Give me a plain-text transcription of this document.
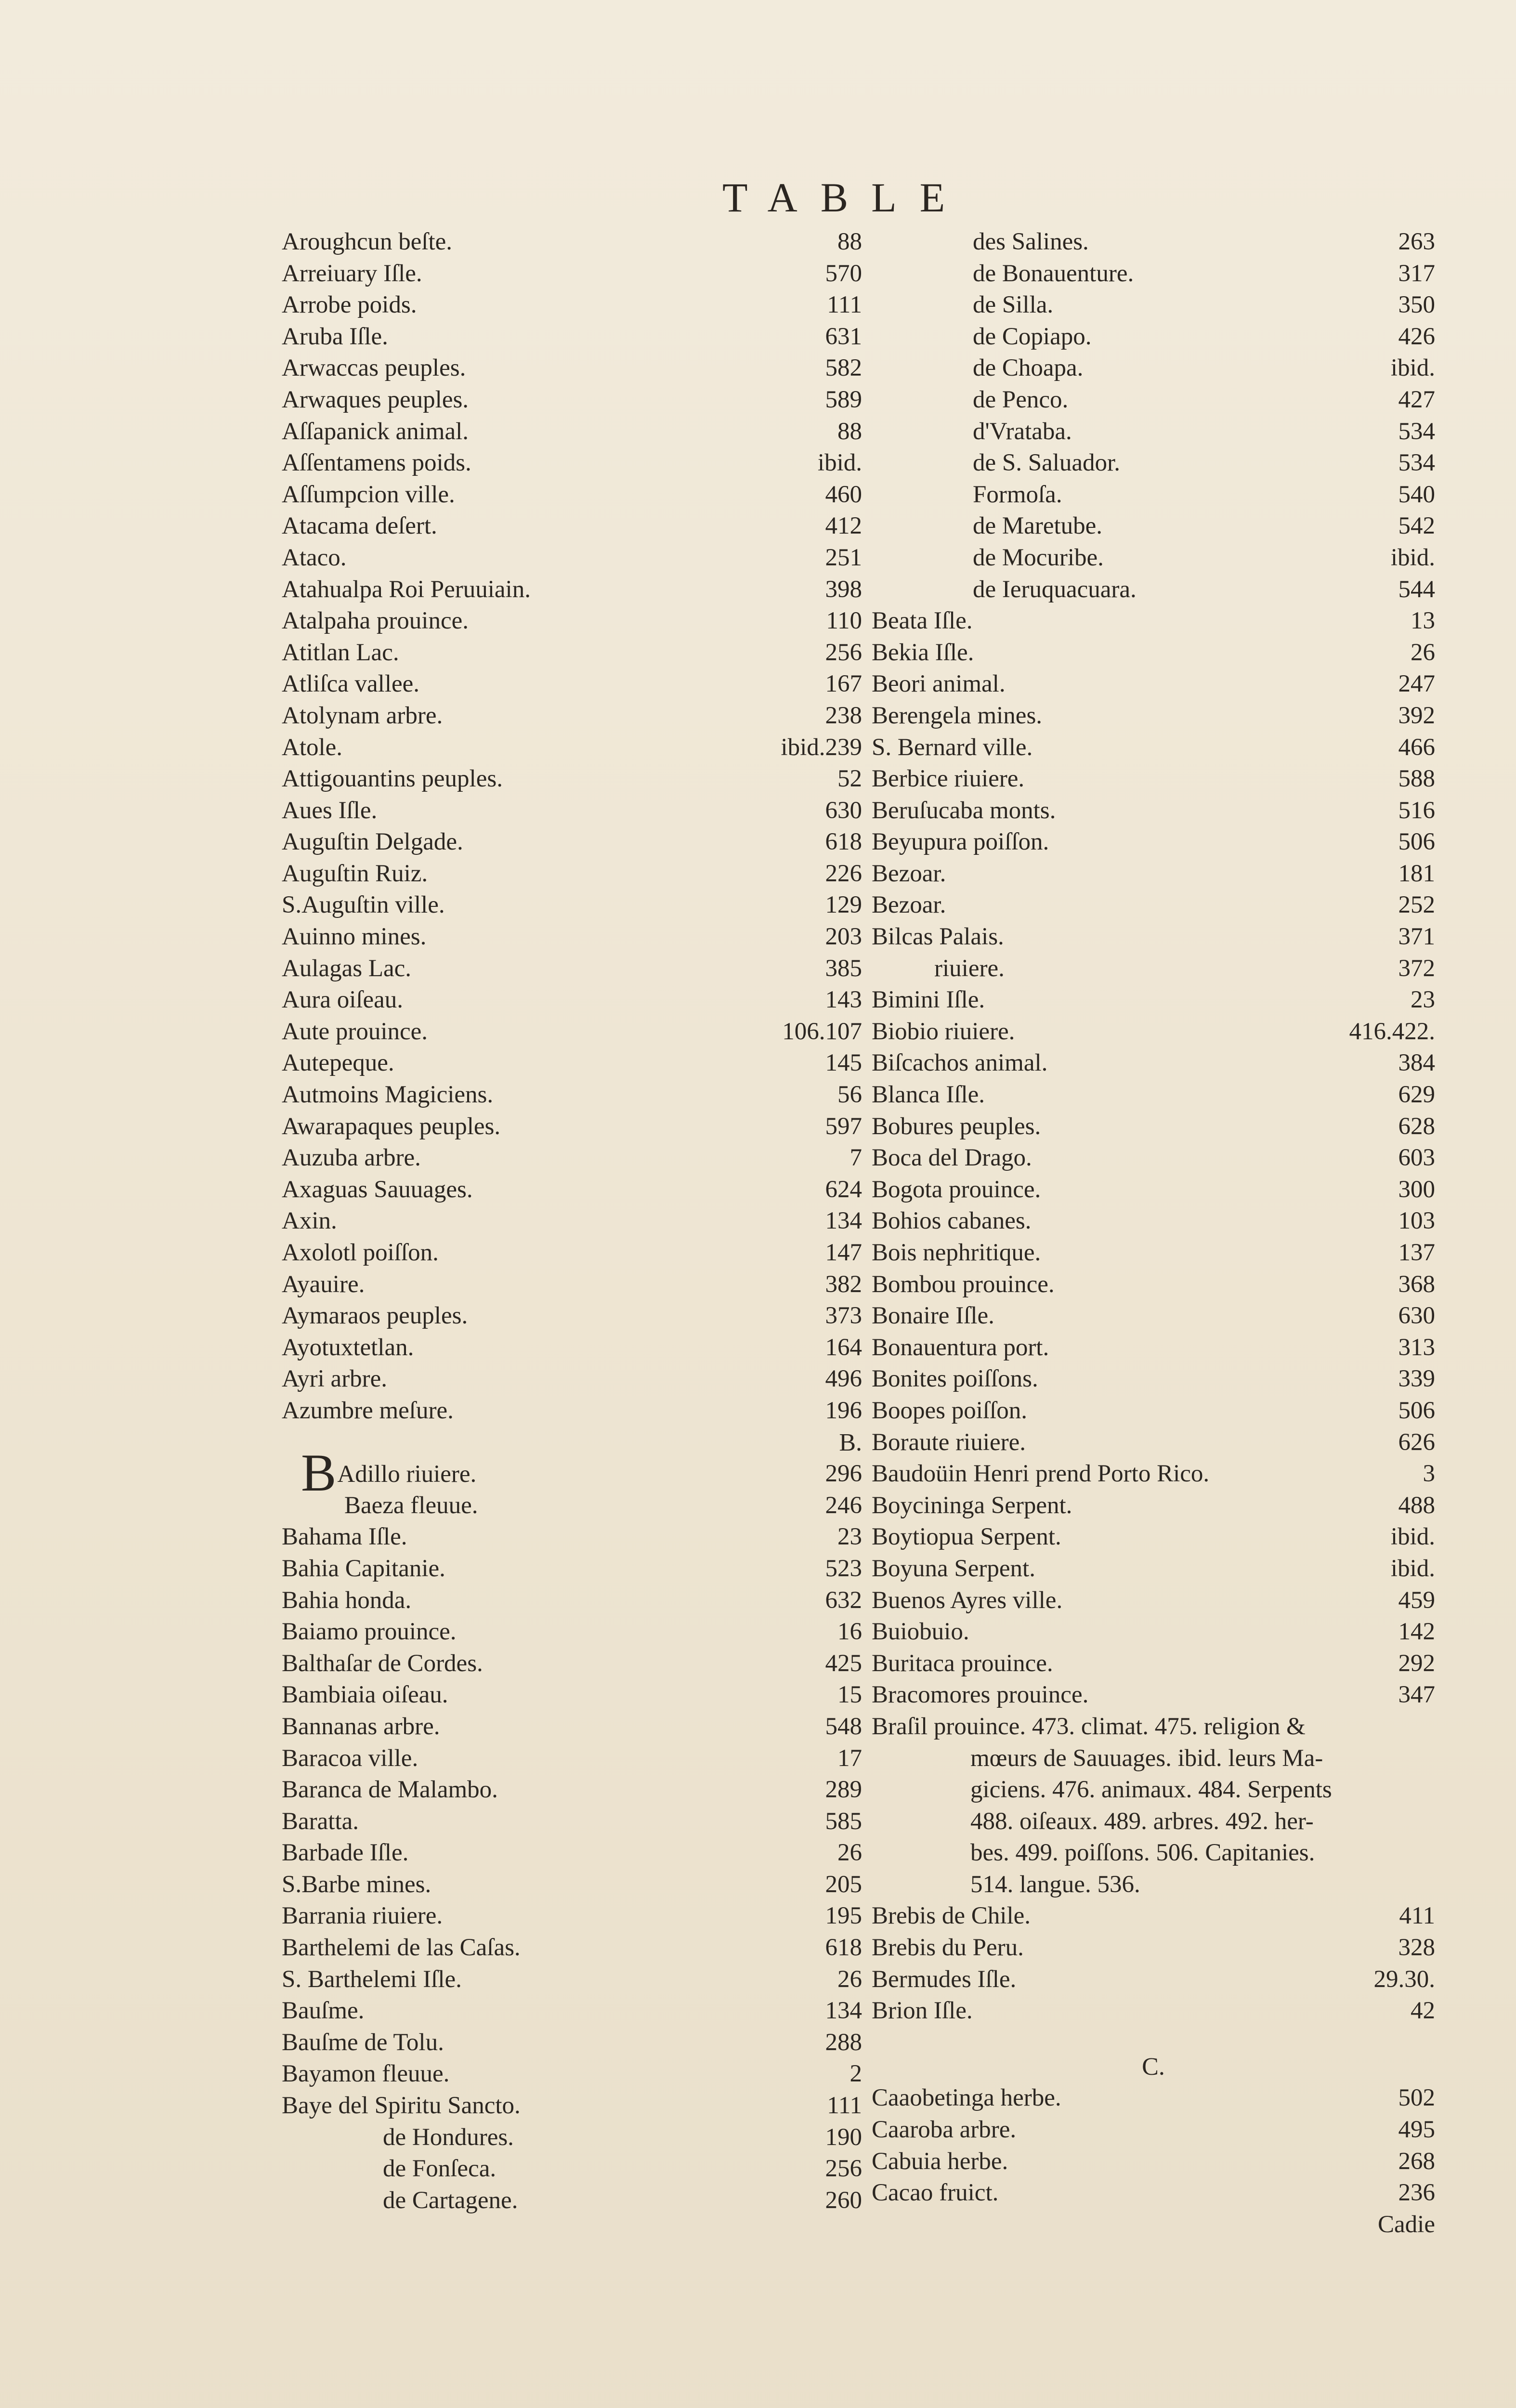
TABLE
Aroughcun beſte.	88
Arreiuary Iſle.	570
Arrobe poids.	111
Aruba Iſle.	631
Arwaccas peuples.	582
Arwaques peuples.	589
Aſſapanick animal.	88
Aſſentamens poids.	ibid.
Aſſumpcion ville.	460
Atacama deſert.	412
Ataco.	251
Atahualpa Roi Peruuiain.	398
Atalpaha prouince.	110
Atitlan Lac.	256
Atliſca vallee.	167
Atolynam arbre.	238
Atole.	ibid.239
Attigouantins peuples.	52
Aues Iſle.	630
Auguſtin Delgade.	618
Auguſtin Ruiz.	226
S.Auguſtin ville.	129
Auinno mines.	203
Aulagas Lac.	385
Aura oiſeau.	143
Aute prouince.	106.107
Autepeque.	145
Autmoins Magiciens.	56
Awarapaques peuples.	597
Auzuba arbre.	7
Axaguas Sauuages.	624
Axin.	134
Axolotl poiſſon.	147
Ayauire.	382
Aymaraos peuples.	373
Ayotuxtetlan.	164
Ayri arbre.	496
Azumbre meſure.	196
B.
BAdillo riuiere.	296
Baeza fleuue.	246
Bahama Iſle.	23
Bahia Capitanie.	523
Bahia honda.	632
Baiamo prouince.	16
Balthaſar de Cordes.	425
Bambiaia oiſeau.	15
Bannanas arbre.	548
Baracoa ville.	17
Baranca de Malambo.	289
Baratta.	585
Barbade Iſle.	26
S.Barbe mines.	205
Barrania riuiere.	195
Barthelemi de las Caſas.	618
S. Barthelemi Iſle.	26
Bauſme.	134
Bauſme de Tolu.	288
Bayamon fleuue.	2
Baye del Spiritu Sancto.	111
de Hondures.	190
de Fonſeca.	256
de Cartagene.	260
des Salines.	263
de Bonauenture.	317
de Silla.	350
de Copiapo.	426
de Choapa.	ibid.
de Penco.	427
d'Vrataba.	534
de S. Saluador.	534
Formoſa.	540
de Maretube.	542
de Mocuribe.	ibid.
de Ieruquacuara.	544
Beata Iſle.	13
Bekia Iſle.	26
Beori animal.	247
Berengela mines.	392
S. Bernard ville.	466
Berbice riuiere.	588
Beruſucaba monts.	516
Beyupura poiſſon.	506
Bezoar.	181
Bezoar.	252
Bilcas Palais.	371
riuiere.	372
Bimini Iſle.	23
Biobio riuiere.	416.422.
Biſcachos animal.	384
Blanca Iſle.	629
Bobures peuples.	628
Boca del Drago.	603
Bogota prouince.	300
Bohios cabanes.	103
Bois nephritique.	137
Bombou prouince.	368
Bonaire Iſle.	630
Bonauentura port.	313
Bonites poiſſons.	339
Boopes poiſſon.	506
Boraute riuiere.	626
Baudoüin Henri prend Porto Rico.	3
Boycininga Serpent.	488
Boytiopua Serpent.	ibid.
Boyuna Serpent.	ibid.
Buenos Ayres ville.	459
Buiobuio.	142
Buritaca prouince.	292
Bracomores prouince.	347
Braſil prouince. 473. climat. 475. religion &
mœurs de Sauuages. ibid. leurs Ma-
giciens. 476. animaux. 484. Serpents
488. oiſeaux. 489. arbres. 492. her-
bes. 499. poiſſons. 506. Capitanies.
514. langue. 536.
Brebis de Chile.	411
Brebis du Peru.	328
Bermudes Iſle.	29.30.
Brion Iſle.	42
C.
Caaobetinga herbe.	502
Caaroba arbre.	495
Cabuia herbe.	268
Cacao fruict.	236
Cadie
